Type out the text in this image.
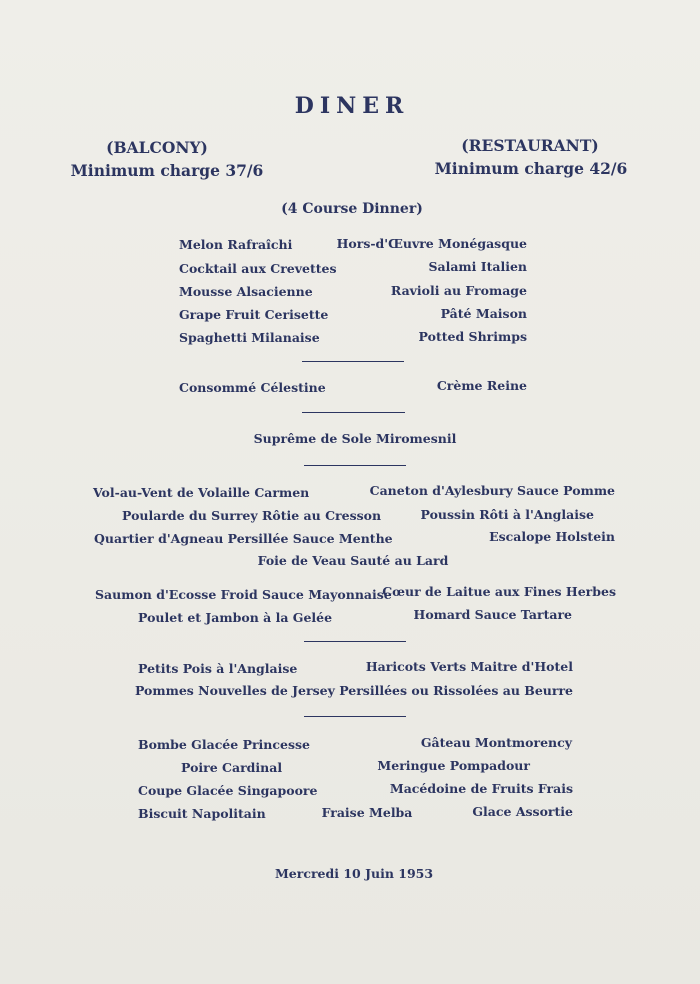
DINER
(BALCONY)
Minimum charge 37/6
(RESTAURANT)
Minimum charge 42/6
(4 Course Dinner)
Melon Rafraîchi
Cocktail aux Crevettes
Mousse Alsacienne
Grape Fruit Cerisette
Spaghetti Milanaise
Hors-d'Œuvre Monégasque
Salami Italien
Ravioli au Fromage
Pâté Maison
Potted Shrimps
Consommé Célestine	Crème Reine
Suprême de Sole Miromesnil
Vol-au-Vent de Volaille Carmen
Poularde du Surrey Rôtie au Cresson
Quartier d'Agneau Persillée Sauce Menthe
Caneton d'Aylesbury Sauce Pomme
Poussin Rôti à l'Anglaise
Escalope Holstein
Foie de Veau Sauté au Lard
Saumon d'Ecosse Froid Sauce Mayonnaise
Poulet et Jambon à la Gelée
Cœur de Laitue aux Fines Herbes
Homard Sauce Tartare
Petits Pois à l'Anglaise	Haricots Verts Maitre d'Hotel
Pommes Nouvelles de Jersey Persillées ou Rissolées au Beurre
Bombe Glacée Princesse
Poire Cardinal
Coupe Glacée Singapoore
Biscuit Napolitain
Gâteau Montmorency
Meringue Pompadour
Macédoine de Fruits Frais
Glace Assortie
Fraise Melba
Mercredi 10 Juin 1953
